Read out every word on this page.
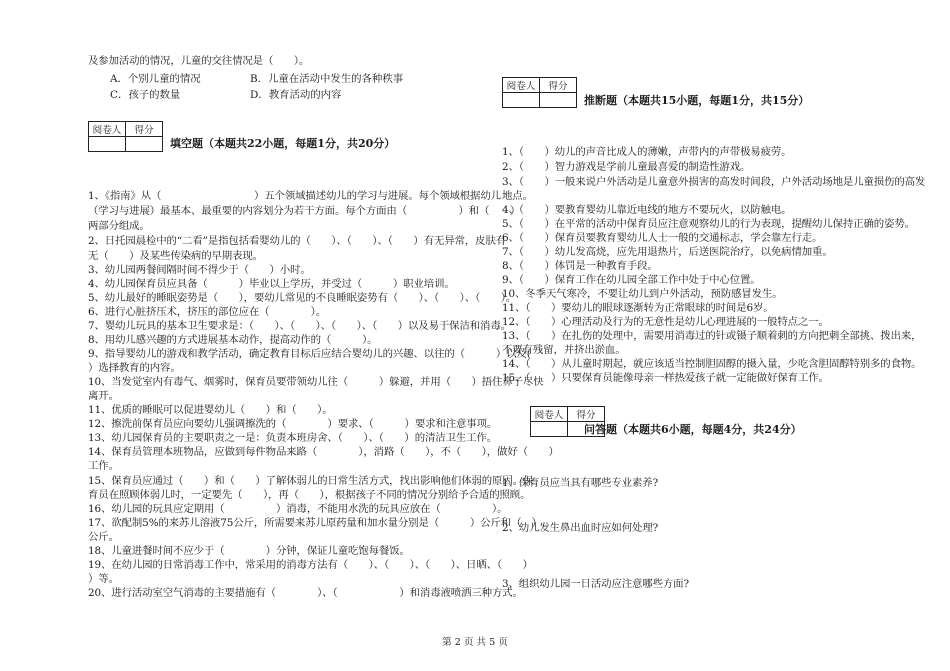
及参加活动的情况，儿童的交往情况是（　　）。
A．个别儿童的情况	B．儿童在活动中发生的各种秩事
C．孩子的数量	D．教育活动的内容
阅卷人	得分

填空题（本题共22小题，每题1分，共20分）
1、《指南》从（　　　　　　　　　）五个领域描述幼儿的学习与进展。每个领域根据幼儿
（学习与进展）最基本、最重要的内容划分为若干方面。每个方面由（　　　　　）和（　　）
两部分组成。
2、日托园晨检中的“二看”是指包括看婴幼儿的（　　）、（　　）、（　　）有无异常，皮肤有
无（　　）及某些传染病的早期表现。
3、幼儿园两餐间隔时间不得少于（　　）小时。
4、幼儿园保育员应具备（　　　）毕业以上学历，并受过（　　　）职业培训。
5、幼儿最好的睡眠姿势是（　　），要幼儿常见的不良睡眠姿势有（　　）、（　　）、（　　）。
6、进行心脏挤压术，挤压的部位应在（　　　　）。
7、婴幼儿玩具的基本卫生要求是：（　　）、（　　）、（　　）、（　　）以及易于保洁和消毒。
8、用幼儿感兴趣的方式进展基本动作，提高动作的（　　　）。
9、指导婴幼儿的游戏和教学活动，确定教育目标后应结合婴幼儿的兴趣、以往的（　　　）以及(
）选择教育的内容。
10、当发觉室内有毒气、烟雾时，保育员要带领幼儿往（　　　）躲避，并用（　　）捂住鼻子尽快
离开。
11、优质的睡眠可以促进婴幼儿（　　）和（　　）。
12、擦洗前保育员应向要幼儿强调擦洗的（　　　　）要求、（　　　）要求和注意事项。
13、幼儿园保育员的主要职责之一是：负责本班房舍、（　　）、（　　）的清洁卫生工作。
14、保育员管理本班物品，应做到每件物品来路（　　　　），消路（　　），不（　　），做好（　　）
工作。
15、保育员应通过（　　）和（　　）了解体弱儿的日常生活方式，找出影响他们体弱的原因。保
育员在照顾体弱儿时，一定要先（　　），再（　　），根据孩子不同的情况分别给予合适的照顾。
16、幼儿园的玩具应定期用（　　　　　）消毒，不能用水洗的玩具应放在（　　　　　）。
17、欲配制5%的来苏儿溶液75公斤，所需要来苏儿原药量和加水量分别是（　　　）公斤和（　）
公斤。
18、儿童进餐时间不应少于（　　　　）分钟，保证儿童吃饱每餐饭。
19、在幼儿园的日常消毒工作中，常采用的消毒方法有（　　）、（　　）、（　　）、日晒、（　　）
）等。
20、进行活动室空气消毒的主要措施有（　　　　）、（　　　　　　）和消毒液喷洒三种方式。
阅卷人	得分

推断题（本题共15小题，每题1分，共15分）
1、（　　）幼儿的声音比成人的薄嫩，声带内的声带极易疲劳。
2、（　　）智力游戏是学前儿童最喜爱的制造性游戏。
3、（　　）一般来说户外活动是儿童意外损害的高发时间段，户外活动场地是儿童损伤的高发
地点。
4、（　　）要教育婴幼儿靠近电线的地方不要玩火，以防触电。
5、（　　）在平常的活动中保育员应注意观察幼儿的行为表现，提醒幼儿保持正确的姿势。
6、（　　）保育员要教育婴幼儿人士一般的交通标志，学会靠左行走。
7、（　　）幼儿发高烧，应先用退热片，后送医院治疗，以免病情加重。
8、（　　）体罚是一种教育手段。
9、（　　）保育工作在幼儿园全部工作中处于中心位置。
10、冬季天气寒冷，不要让幼儿到户外活动，预防感冒发生。
11、（　　）要幼儿的眼球逐渐转为正常眼球的时间是6岁。
12、（　　）心理活动及行为的无意性是幼儿心理进展的一般特点之一。
13、（　　）在扎伤的处理中，需要用消毒过的针或镊子顺着刺的方向把刺全部挑、拨出来，
不要有残留，并挤出淤血。
14、（　　）从儿童时期起，就应该适当控制胆固醇的摄入量，少吃含胆固醇特别多的食物。
15、（　　）只要保育员能像母亲一样热爱孩子就一定能做好保育工作。
阅卷人	得分

问答题（本题共6小题，每题4分，共24分）
1、保育员应当具有哪些专业素养?
2、幼儿发生鼻出血时应如何处理?
3、组织幼儿园一日活动应注意哪些方面?
第 2 页 共 5 页
